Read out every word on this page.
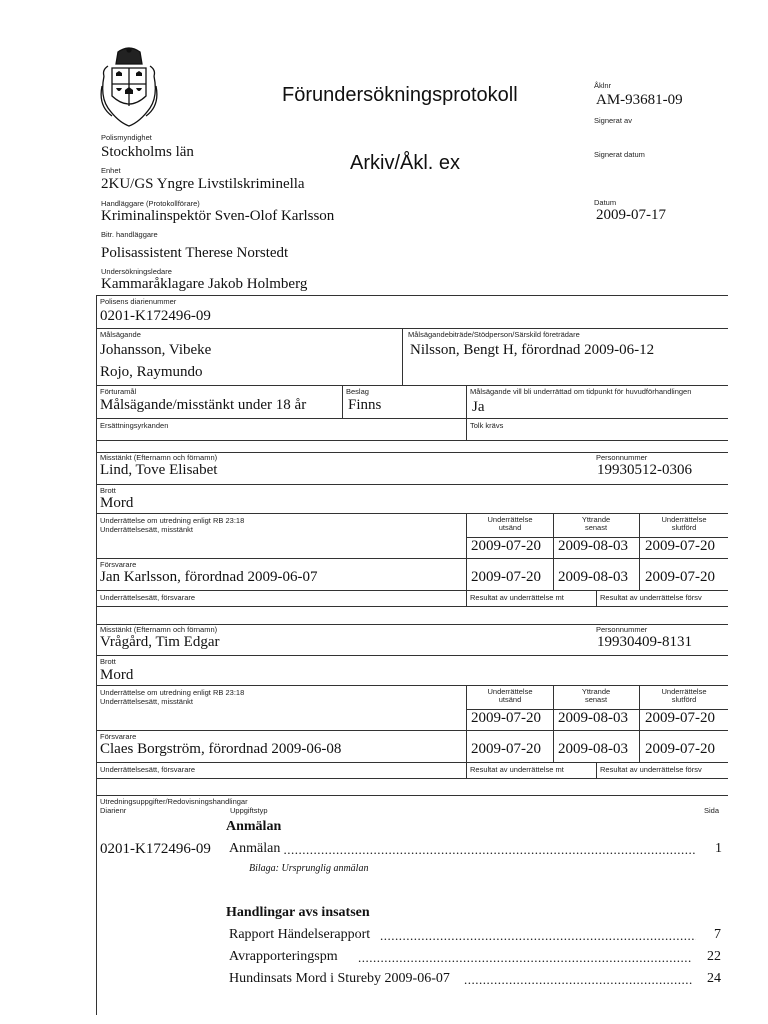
Förundersökningsprotokoll
Arkiv/Åkl. ex
Åklnr
AM-93681-09
Signerat av
Signerat datum
Datum
2009-07-17
Polismyndighet
Stockholms län
Enhet
2KU/GS Yngre Livstilskriminella
Handläggare (Protokollförare)
Kriminalinspektör Sven-Olof Karlsson
Bitr. handläggare
Polisassistent Therese Norstedt
Undersökningsledare
Kammaråklagare Jakob Holmberg
Polisens diarienummer
0201-K172496-09
Målsägande
Johansson, Vibeke
Rojo, Raymundo
Målsägandebiträde/Stödperson/Särskild företrädare
Nilsson, Bengt H, förordnad 2009-06-12
Förturamål
Målsägande/misstänkt under 18 år
Beslag
Finns
Målsägande vill bli underrättad om tidpunkt för huvudförhandlingen
Ja
Ersättningsyrkanden	Tolk krävs
Misstänkt (Efternamn och förnamn)
Lind, Tove Elisabet
Personnummer
19930512-0306
Brott
Mord
Underrättelse om utredning enligt RB 23:18
Underrättelsesätt, misstänkt
Underrättelse utsänd
Yttrande senast
Underrättelse slutförd
2009-07-20 2009-08-03 2009-07-20
Försvarare
Jan Karlsson, förordnad 2009-06-07	2009-07-20 2009-08-03 2009-07-20
Underrättelsesätt, försvarare	Resultat av underrättelse mt	Resultat av underrättelse försv
Misstänkt (Efternamn och förnamn)
Vrågård, Tim Edgar
Personnummer
19930409-8131
Brott
Mord
Underrättelse om utredning enligt RB 23:18
Underrättelsesätt, misstänkt
Underrättelse utsänd
Yttrande senast
Underrättelse slutförd
2009-07-20 2009-08-03 2009-07-20
Försvarare
Claes Borgström, förordnad 2009-06-08	2009-07-20 2009-08-03 2009-07-20
Underrättelsesätt, försvarare	Resultat av underrättelse mt	Resultat av underrättelse försv
Utredningsuppgifter/Redovisningshandlingar
Diarienr	Uppgiftstyp	Sida
Anmälan
0201-K172496-09 Anmälan .....	1
Bilaga: Ursprunglig anmälan
Handlingar avs insatsen
Rapport Händelserapport .....	7
Avrapporteringspm .....	22
Hundinsats Mord i Stureby 2009-06-07 .....	24
